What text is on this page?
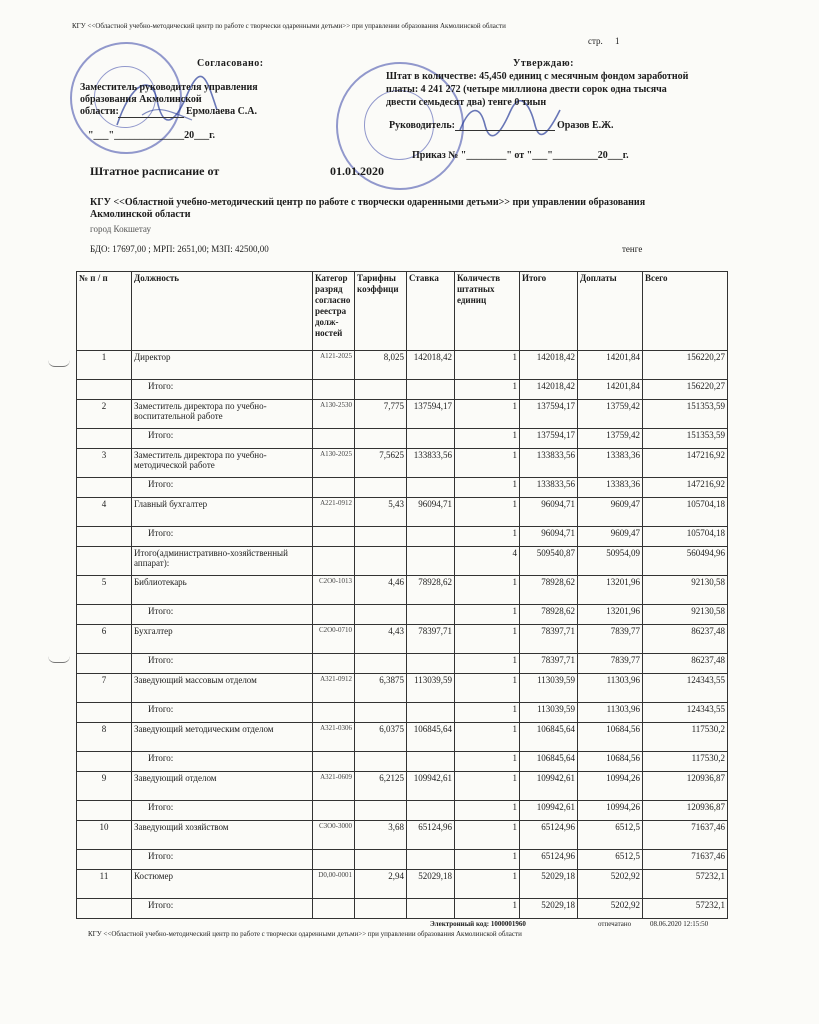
КГУ <<Областной учебно-методический центр по работе с творчески одаренными детьми>> при управлении образования Акмолинской области
стр. 1
Согласовано:
Заместитель руководителя управления
образования Акмолинской
области:	Ермолаева С.А.
"___"______________20___г.
Утверждаю:
Штат в количестве: 45,450 единиц с месячным фондом заработной
платы: 4 241 272 (четыре миллиона двести сорок одна тысяча
двести семьдесят два) тенге 0 тиын
Руководитель:	Оразов Е.Ж.
Приказ № "________" от "___"_________20___г.
Штатное расписание от	01.01.2020
КГУ <<Областной учебно-методический центр по работе с творчески одаренными детьми>> при управлении образования
Акмолинской области
город Кокшетау
БДО: 17697,00 ; МРП: 2651,00; МЗП: 42500,00	тенге
№ п / п	Должность	Категор разряд согласно реестра долж-ностей	Тарифны коэффици	Ставка	Количеств штатных единиц	Итого	Доплаты	Всего
1	Директор	А121-2025	8,025	142018,42	1	142018,42	14201,84	156220,27
	Итого:				1	142018,42	14201,84	156220,27
2	Заместитель директора по учебно-воспитательной работе	А130-2530	7,775	137594,17	1	137594,17	13759,42	151353,59
	Итого:				1	137594,17	13759,42	151353,59
3	Заместитель директора по учебно-методической работе	А130-2025	7,5625	133833,56	1	133833,56	13383,36	147216,92
	Итого:				1	133833,56	13383,36	147216,92
4	Главный бухгалтер	А221-0912	5,43	96094,71	1	96094,71	9609,47	105704,18
	Итого:				1	96094,71	9609,47	105704,18
	Итого(административно-хозяйственный аппарат):				4	509540,87	50954,09	560494,96
5	Библиотекарь	С2О0-1013	4,46	78928,62	1	78928,62	13201,96	92130,58
	Итого:				1	78928,62	13201,96	92130,58
6	Бухгалтер	С2О0-0710	4,43	78397,71	1	78397,71	7839,77	86237,48
	Итого:				1	78397,71	7839,77	86237,48
7	Заведующий массовым отделом	А321-0912	6,3875	113039,59	1	113039,59	11303,96	124343,55
	Итого:				1	113039,59	11303,96	124343,55
8	Заведующий методическим отделом	А321-0306	6,0375	106845,64	1	106845,64	10684,56	117530,2
	Итого:				1	106845,64	10684,56	117530,2
9	Заведующий отделом	А321-0609	6,2125	109942,61	1	109942,61	10994,26	120936,87
	Итого:				1	109942,61	10994,26	120936,87
10	Заведующий хозяйством	С3О0-3000	3,68	65124,96	1	65124,96	6512,5	71637,46
	Итого:				1	65124,96	6512,5	71637,46
11	Костюмер	D0,00-0001	2,94	52029,18	1	52029,18	5202,92	57232,1
	Итого:				1	52029,18	5202,92	57232,1
Электронный код: 1000001960	отпечатано	08.06.2020 12:15:50
КГУ <<Областной учебно-методический центр по работе с творчески одаренными детьми>> при управлении образования Акмолинской области
